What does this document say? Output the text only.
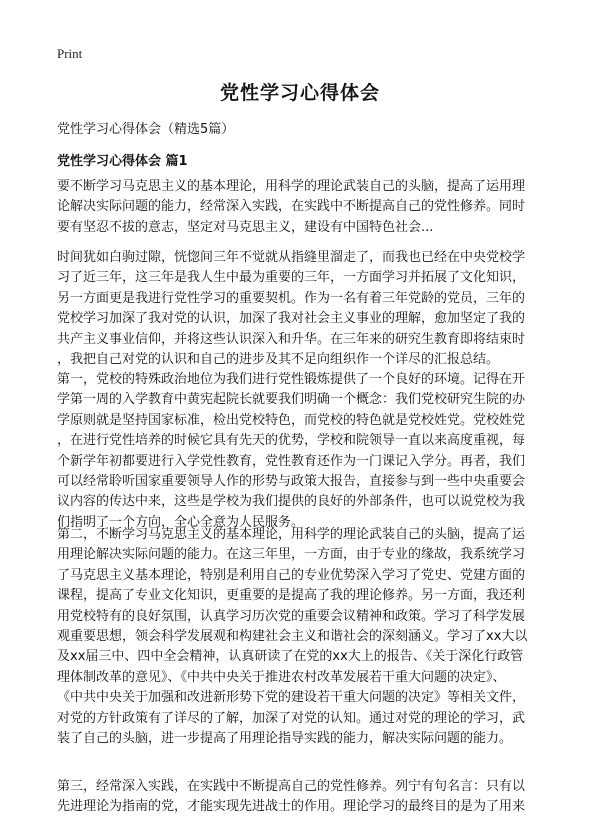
Print
党性学习心得体会

党性学习心得体会（精选5篇）

党性学习心得体会 篇1

要不断学习马克思主义的基本理论，用科学的理论武装自己的头脑，提高了运用理
论解决实际问题的能力，经常深入实践，在实践中不断提高自己的党性修养。同时
要有坚忍不拔的意志，坚定对马克思主义，建设有中国特色社会...
时间犹如白驹过隙，恍惚间三年不觉就从指缝里溜走了，而我也已经在中央党校学
习了近三年，这三年是我人生中最为重要的三年，一方面学习并拓展了文化知识，
另一方面更是我进行党性学习的重要契机。作为一名有着三年党龄的党员，三年的
党校学习加深了我对党的认识，加深了我对社会主义事业的理解，愈加坚定了我的
共产主义事业信仰，并将这些认识深入和升华。在三年来的研究生教育即将结束时
，我把自己对党的认识和自己的进步及其不足向组织作一个详尽的汇报总结。
第一，党校的特殊政治地位为我们进行党性锻炼提供了一个良好的环境。记得在开
学第一周的入学教育中黄宪起院长就要我们明确一个概念：我们党校研究生院的办
学原则就是坚持国家标准，检出党校特色，而党校的特色就是党校姓党。党校姓党
，在进行党性培养的时候它具有先天的优势，学校和院领导一直以来高度重视，每
个新学年初都要进行入学党性教育，党性教育还作为一门课记入学分。再者，我们
可以经常聆听国家重要领导人作的形势与政策大报告，直接参与到一些中央重要会
议内容的传达中来，这些是学校为我们提供的良好的外部条件，也可以说党校为我
们指明了一个方向，全心全意为人民服务。
第二，不断学习马克思主义的基本理论，用科学的理论武装自己的头脑，提高了运
用理论解决实际问题的能力。在这三年里，一方面，由于专业的缘故，我系统学习
了马克思主义基本理论，特别是利用自己的专业优势深入学习了党史、党建方面的
课程，提高了专业文化知识，更重要的是提高了我的理论修养。另一方面，我还利
用党校特有的良好氛围，认真学习历次党的重要会议精神和政策。学习了科学发展
观重要思想，领会科学发展观和构建社会主义和谐社会的深刻涵义。学习了xx大以
及xx届三中、四中全会精神，认真研读了在党的xx大上的报告、《关于深化行政管
理体制改革的意见》、《中共中央关于推进农村改革发展若干重大问题的决定》、
《中共中央关于加强和改进新形势下党的建设若干重大问题的决定》等相关文件，
对党的方针政策有了详尽的了解，加深了对党的认知。通过对党的理论的学习，武
装了自己的头脑，进一步提高了用理论指导实践的能力，解决实际问题的能力。
第三，经常深入实践，在实践中不断提高自己的党性修养。列宁有句名言：只有以
先进理论为指南的党，才能实现先进战士的作用。理论学习的最终目的是为了用来
